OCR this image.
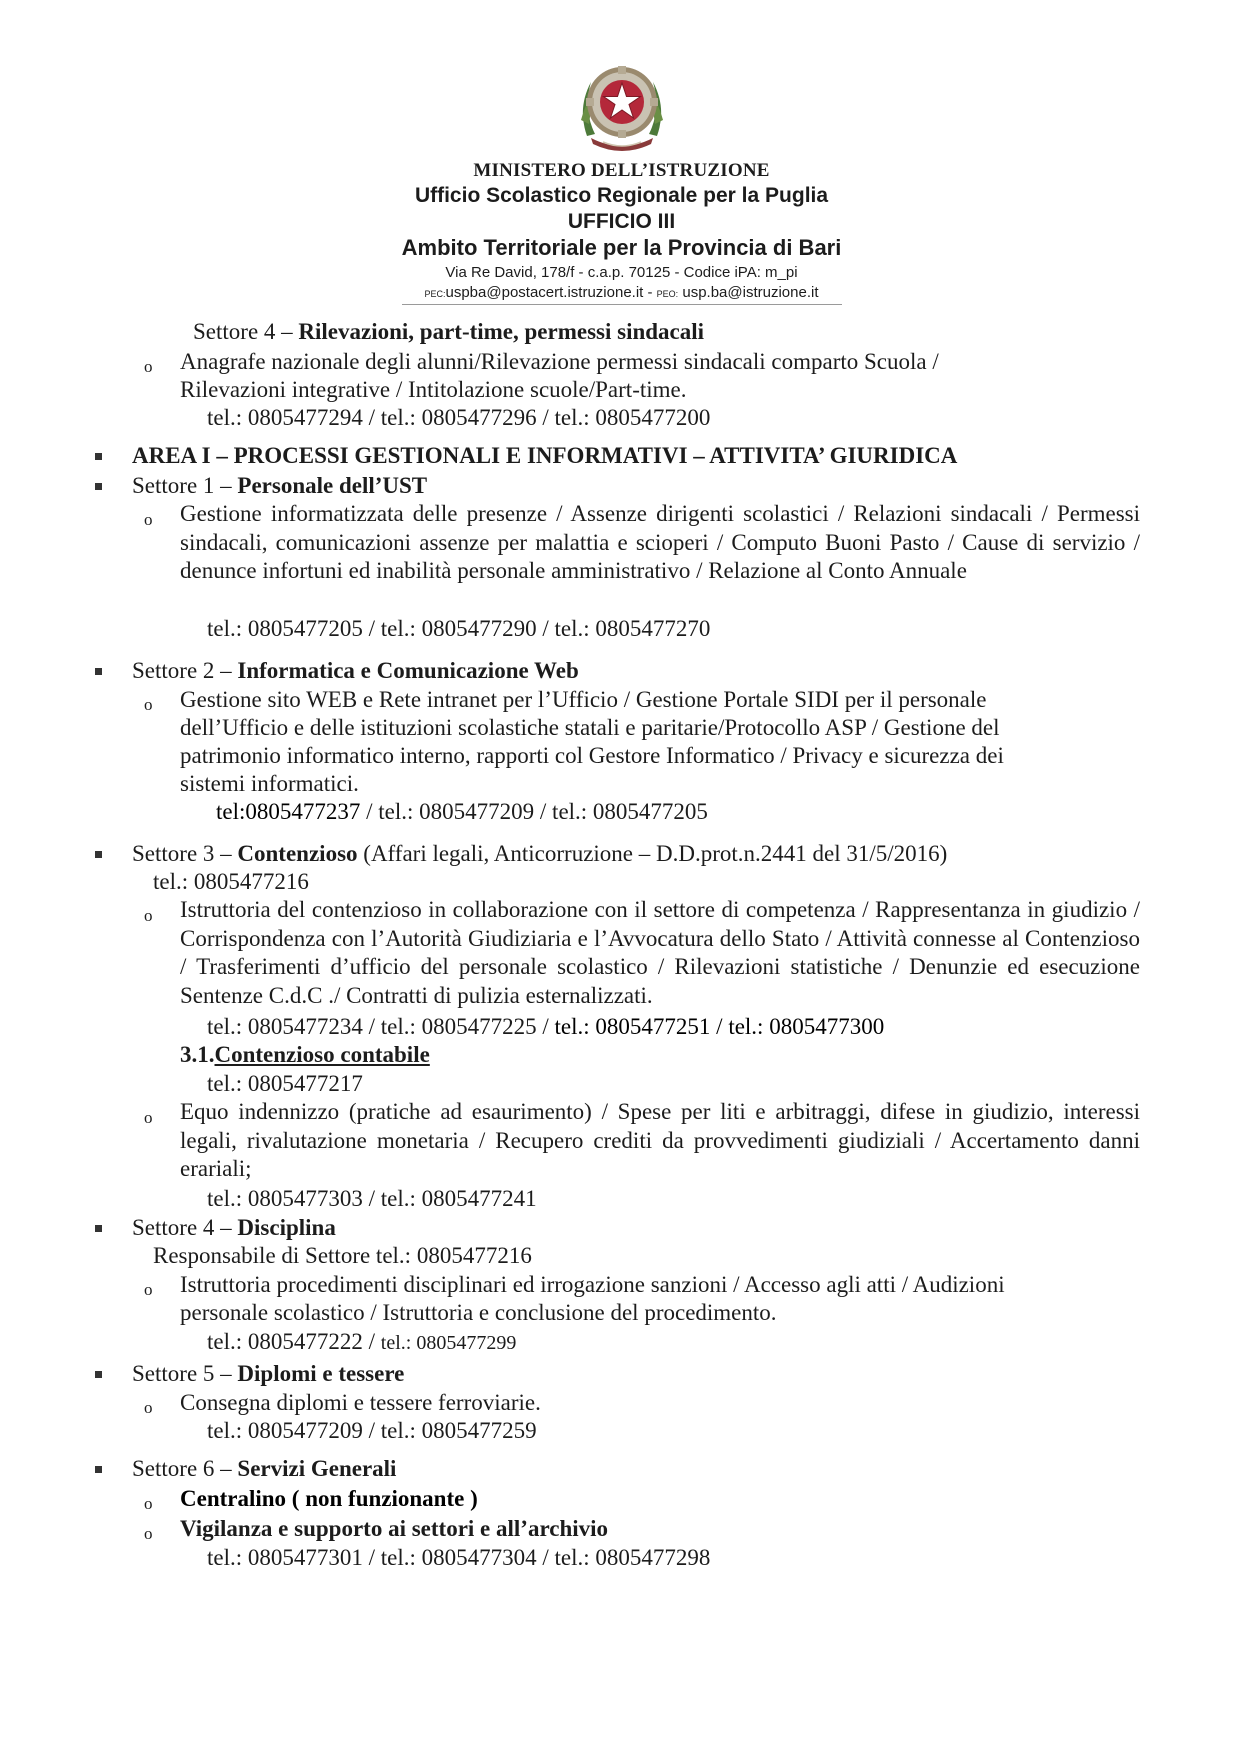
MINISTERO DELL’ISTRUZIONE
Ufficio Scolastico Regionale per la Puglia
UFFICIO III
Ambito Territoriale per la Provincia di Bari
Via Re David, 178/f - c.a.p. 70125 - Codice iPA: m_pi
PEC:uspba@postacert.istruzione.it - PEO: usp.ba@istruzione.it
Settore 4 – Rilevazioni, part-time, permessi sindacali
o Anagrafe nazionale degli alunni/Rilevazione permessi sindacali comparto Scuola /
Rilevazioni integrative / Intitolazione scuole/Part-time.
tel.: 0805477294 / tel.: 0805477296 / tel.: 0805477200
AREA I – PROCESSI GESTIONALI E INFORMATIVI – ATTIVITA’ GIURIDICA
Settore 1 – Personale dell’UST
o Gestione informatizzata delle presenze / Assenze dirigenti scolastici / Relazioni sindacali / Permessi sindacali, comunicazioni assenze per malattia e scioperi / Computo Buoni Pasto / Cause di servizio / denunce infortuni ed inabilità personale amministrativo / Relazione al Conto Annuale
tel.: 0805477205 / tel.: 0805477290 / tel.: 0805477270
Settore 2 – Informatica e Comunicazione Web
o Gestione sito WEB e Rete intranet per l’Ufficio / Gestione Portale SIDI per il personale
dell’Ufficio e delle istituzioni scolastiche statali e paritarie/Protocollo ASP / Gestione del
patrimonio informatico interno, rapporti col Gestore Informatico / Privacy e sicurezza dei
sistemi informatici.
tel:0805477237 / tel.: 0805477209 / tel.: 0805477205
Settore 3 – Contenzioso (Affari legali, Anticorruzione – D.D.prot.n.2441 del 31/5/2016)
tel.: 0805477216
o Istruttoria del contenzioso in collaborazione con il settore di competenza / Rappresentanza in giudizio / Corrispondenza con l’Autorità Giudiziaria e l’Avvocatura dello Stato / Attività connesse al Contenzioso / Trasferimenti d’ufficio del personale scolastico / Rilevazioni statistiche / Denunzie ed esecuzione Sentenze C.d.C ./ Contratti di pulizia esternalizzati.
tel.: 0805477234 / tel.: 0805477225 / tel.: 0805477251 / tel.: 0805477300
3.1.Contenzioso contabile
tel.: 0805477217
o Equo indennizzo (pratiche ad esaurimento) / Spese per liti e arbitraggi, difese in giudizio, interessi legali, rivalutazione monetaria / Recupero crediti da provvedimenti giudiziali / Accertamento danni erariali;
tel.: 0805477303 / tel.: 0805477241
Settore 4 – Disciplina
Responsabile di Settore tel.: 0805477216
o Istruttoria procedimenti disciplinari ed irrogazione sanzioni / Accesso agli atti / Audizioni
personale scolastico / Istruttoria e conclusione del procedimento.
tel.: 0805477222 / tel.: 0805477299
Settore 5 – Diplomi e tessere
o Consegna diplomi e tessere ferroviarie.
tel.: 0805477209 / tel.: 0805477259
Settore 6 – Servizi Generali
o Centralino ( non funzionante )
o Vigilanza e supporto ai settori e all’archivio
tel.: 0805477301 / tel.: 0805477304 / tel.: 0805477298
